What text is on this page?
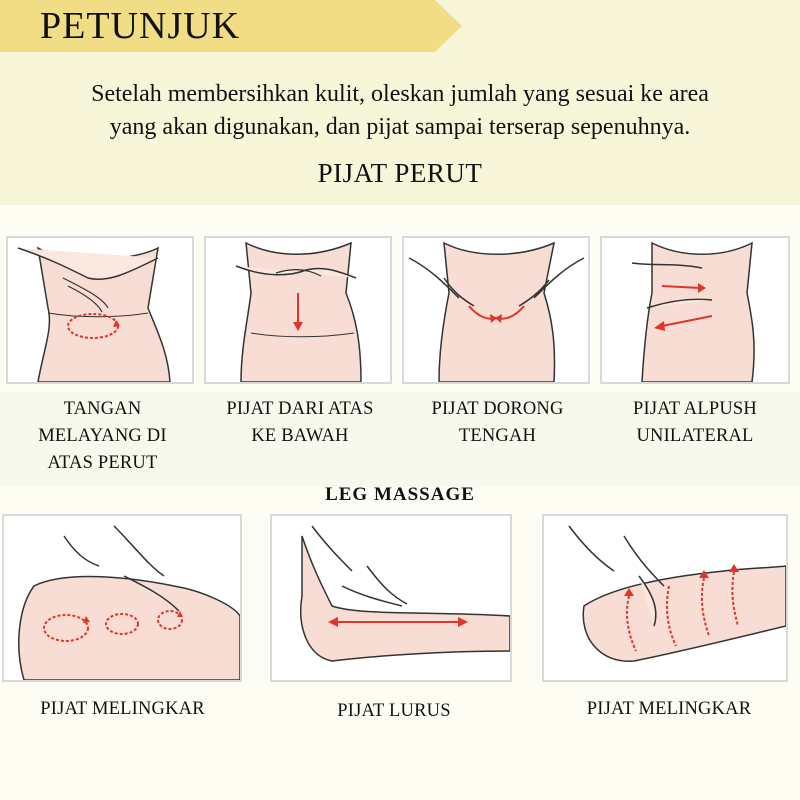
PETUNJUK
Setelah membersihkan kulit, oleskan jumlah yang sesuai ke area
yang akan digunakan, dan pijat sampai terserap sepenuhnya.
PIJAT PERUT
TANGAN
MELAYANG DI
ATAS PERUT
PIJAT DARI ATAS
KE BAWAH
PIJAT DORONG
TENGAH
PIJAT ALPUSH
UNILATERAL
LEG MASSAGE
PIJAT MELINGKAR	PIJAT LURUS	PIJAT MELINGKAR
